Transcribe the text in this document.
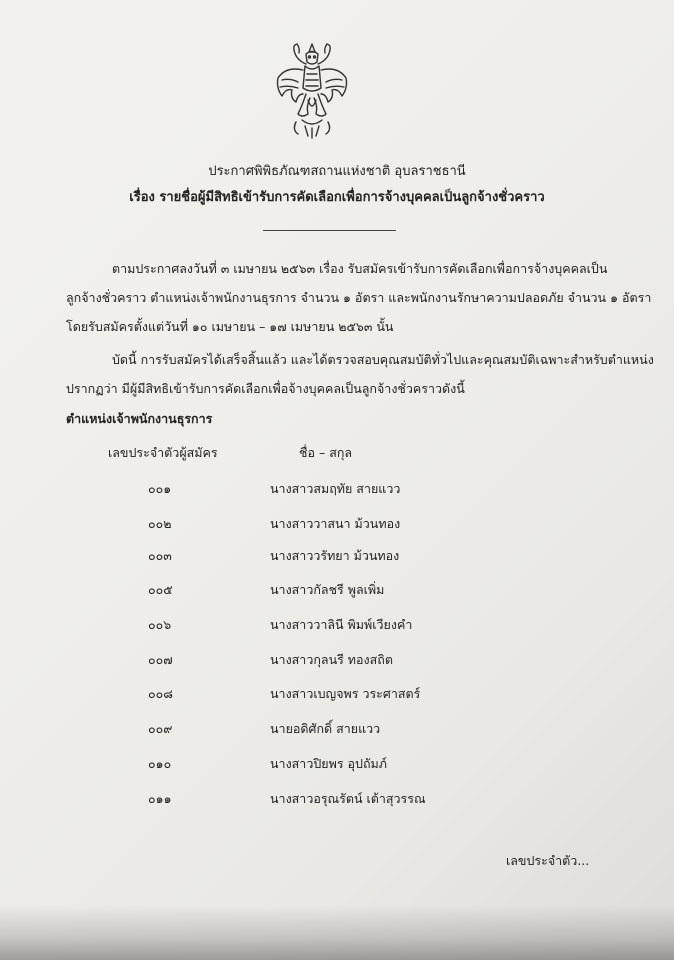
ประกาศพิพิธภัณฑสถานแห่งชาติ อุบลราชธานี
เรื่อง รายชื่อผู้มีสิทธิเข้ารับการคัดเลือกเพื่อการจ้างบุคคลเป็นลูกจ้างชั่วคราว
ตามประกาศลงวันที่ ๓ เมษายน ๒๕๖๓ เรื่อง รับสมัครเข้ารับการคัดเลือกเพื่อการจ้างบุคคลเป็น
ลูกจ้างชั่วคราว ตำแหน่งเจ้าพนักงานธุรการ จำนวน ๑ อัตรา และพนักงานรักษาความปลอดภัย จำนวน ๑ อัตรา
โดยรับสมัครตั้งแต่วันที่ ๑๐ เมษายน – ๑๗ เมษายน ๒๕๖๓ นั้น
บัดนี้ การรับสมัครได้เสร็จสิ้นแล้ว และได้ตรวจสอบคุณสมบัติทั่วไปและคุณสมบัติเฉพาะสำหรับตำแหน่ง
ปรากฏว่า มีผู้มีสิทธิเข้ารับการคัดเลือกเพื่อจ้างบุคคลเป็นลูกจ้างชั่วคราวดังนี้
ตำแหน่งเจ้าพนักงานธุรการ
เลขประจำตัวผู้สมัคร	ชื่อ – สกุล
๐๐๑	นางสาวสมฤทัย สายแวว
๐๐๒	นางสาววาสนา ม้วนทอง
๐๐๓	นางสาววรัทยา ม้วนทอง
๐๐๕	นางสาวกัลชรี พูลเพิ่ม
๐๐๖	นางสาววาลินี พิมพ์เวียงคำ
๐๐๗	นางสาวกุลนรี ทองสถิต
๐๐๘	นางสาวเบญจพร วระศาสตร์
๐๐๙	นายอดิศักดิ์ สายแวว
๐๑๐	นางสาวปิยพร อุปถัมภ์
๐๑๑	นางสาวอรุณรัตน์ เต้าสุวรรณ
เลขประจำตัว...
